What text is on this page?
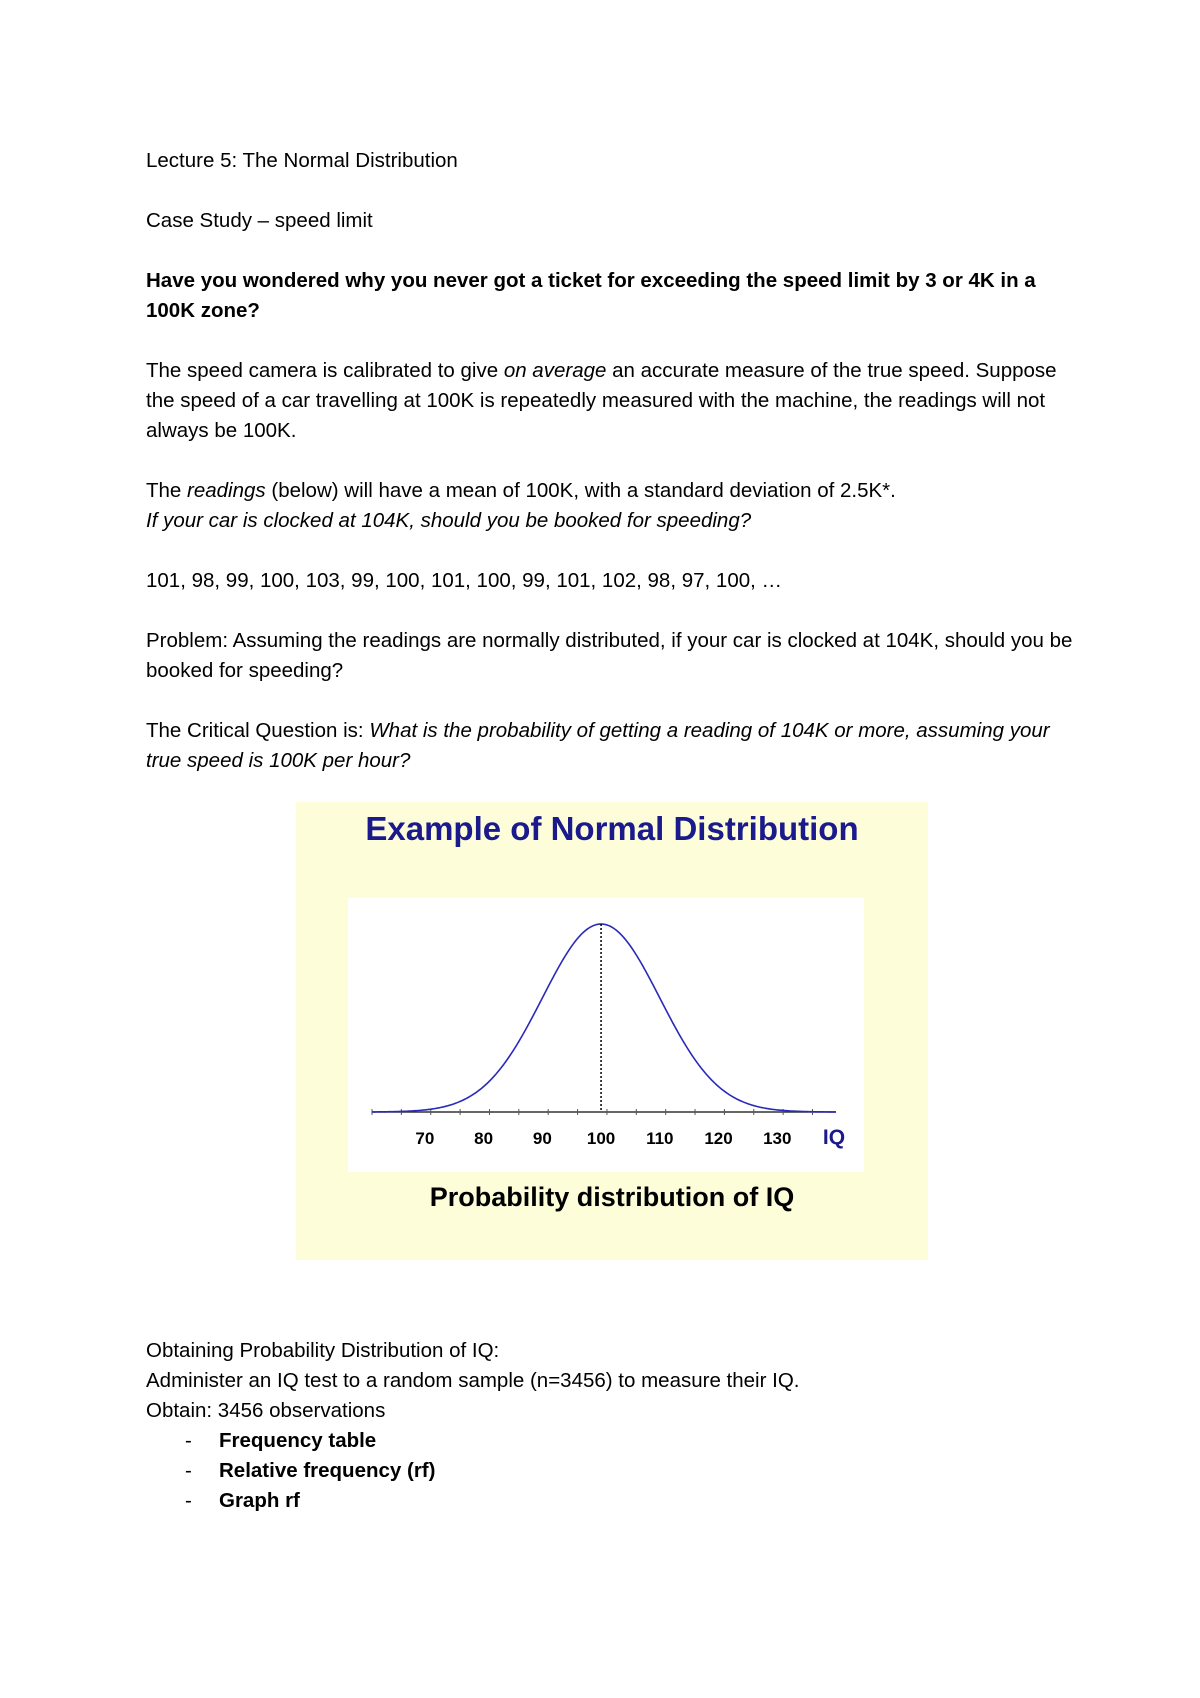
Lecture 5: The Normal Distribution

Case Study – speed limit

Have you wondered why you never got a ticket for exceeding the speed limit by 3 or 4K in a 100K zone?

The speed camera is calibrated to give on average an accurate measure of the true speed. Suppose the speed of a car travelling at 100K is repeatedly measured with the machine, the readings will not always be 100K.

The readings (below) will have a mean of 100K, with a standard deviation of 2.5K*.
If your car is clocked at 104K, should you be booked for speeding?

101, 98, 99, 100, 103, 99, 100, 101, 100, 99, 101, 102, 98, 97, 100, …

Problem: Assuming the readings are normally distributed, if your car is clocked at 104K, should you be booked for speeding?

The Critical Question is: What is the probability of getting a reading of 104K or more, assuming your true speed is 100K per hour?

Example of Normal Distribution
70 80 90 100 110 120 130 IQ
Probability distribution of IQ
Obtaining Probability Distribution of IQ:
Administer an IQ test to a random sample (n=3456) to measure their IQ.
Obtain: 3456 observations
- Frequency table
- Relative frequency (rf)
- Graph rf
